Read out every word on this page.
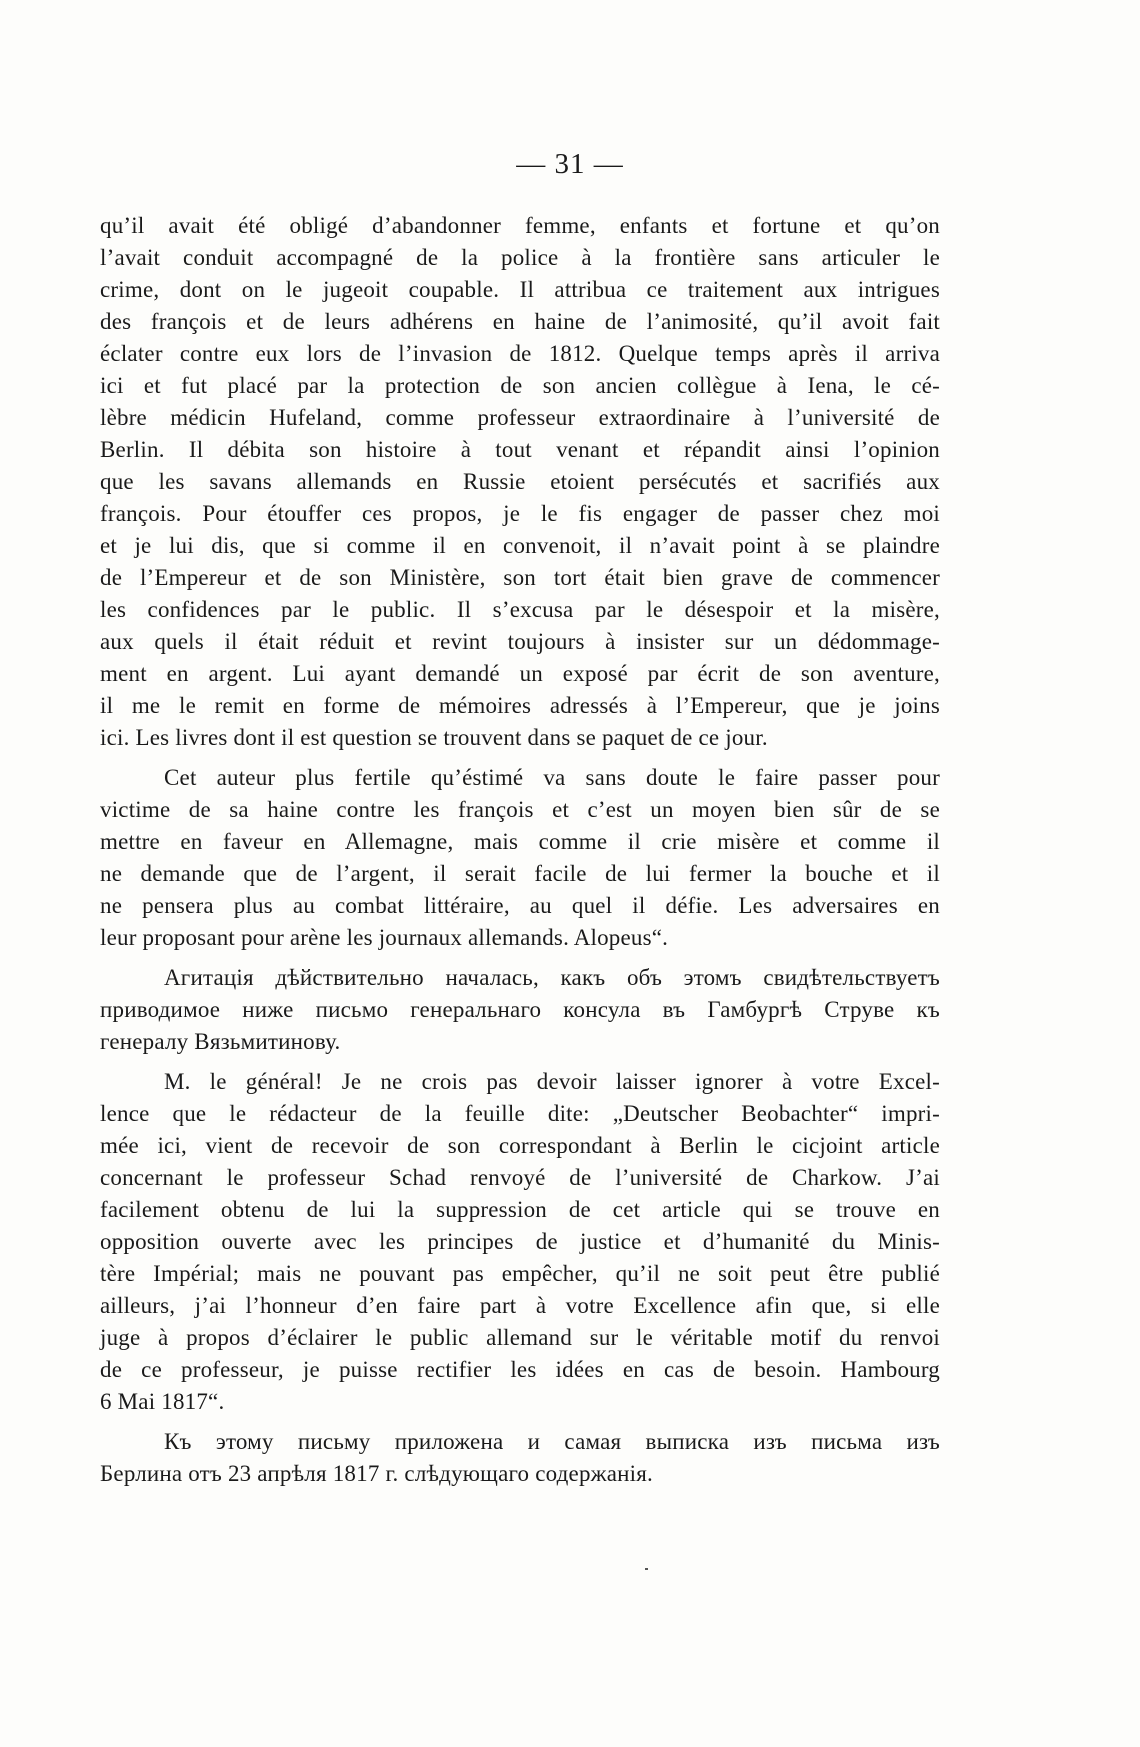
— 31 —
qu’il avait été obligé d’abandonner femme, enfants et fortune et qu’on
l’avait conduit accompagné de la police à la frontière sans articuler le
crime, dont on le jugeoit coupable. Il attribua ce traitement aux intrigues
des françois et de leurs adhérens en haine de l’animosité, qu’il avoit fait
éclater contre eux lors de l’invasion de 1812. Quelque temps après il arriva
ici et fut placé par la protection de son ancien collègue à Iena, le cé-
lèbre médicin Hufeland, comme professeur extraordinaire à l’université de
Berlin. Il débita son histoire à tout venant et répandit ainsi l’opinion
que les savans allemands en Russie etoient persécutés et sacrifiés aux
françois. Pour étouffer ces propos, je le fis engager de passer chez moi
et je lui dis, que si comme il en convenoit, il n’avait point à se plaindre
de l’Empereur et de son Ministère, son tort était bien grave de commencer
les confidences par le public. Il s’excusa par le désespoir et la misère,
aux quels il était réduit et revint toujours à insister sur un dédommage-
ment en argent. Lui ayant demandé un exposé par écrit de son aventure,
il me le remit en forme de mémoires adressés à l’Empereur, que je joins
ici. Les livres dont il est question se trouvent dans se paquet de ce jour.
Cet auteur plus fertile qu’éstimé va sans doute le faire passer pour
victime de sa haine contre les françois et c’est un moyen bien sûr de se
mettre en faveur en Allemagne, mais comme il crie misère et comme il
ne demande que de l’argent, il serait facile de lui fermer la bouche et il
ne pensera plus au combat littéraire, au quel il défie. Les adversaires en
leur proposant pour arène les journaux allemands. Alopeus“.
Агитація дѣйствительно началась, какъ объ этомъ свидѣтельствуетъ
приводимое ниже письмо генеральнаго консула въ Гамбургѣ Струве къ
генералу Вязьмитинову.
M. le général! Je ne crois pas devoir laisser ignorer à votre Excel-
lence que le rédacteur de la feuille dite: „Deutscher Beobachter“ impri-
mée ici, vient de recevoir de son correspondant à Berlin le cicjoint article
concernant le professeur Schad renvoyé de l’université de Charkow. J’ai
facilement obtenu de lui la suppression de cet article qui se trouve en
opposition ouverte avec les principes de justice et d’humanité du Minis-
tère Impérial; mais ne pouvant pas empêcher, qu’il ne soit peut être publié
ailleurs, j’ai l’honneur d’en faire part à votre Excellence afin que, si elle
juge à propos d’éclairer le public allemand sur le véritable motif du renvoi
de ce professeur, je puisse rectifier les idées en cas de besoin. Hambourg
6 Mai 1817“.
Къ этому письму приложена и самая выписка изъ письма изъ
Берлина отъ 23 апрѣля 1817 г. слѣдующаго содержанія.
